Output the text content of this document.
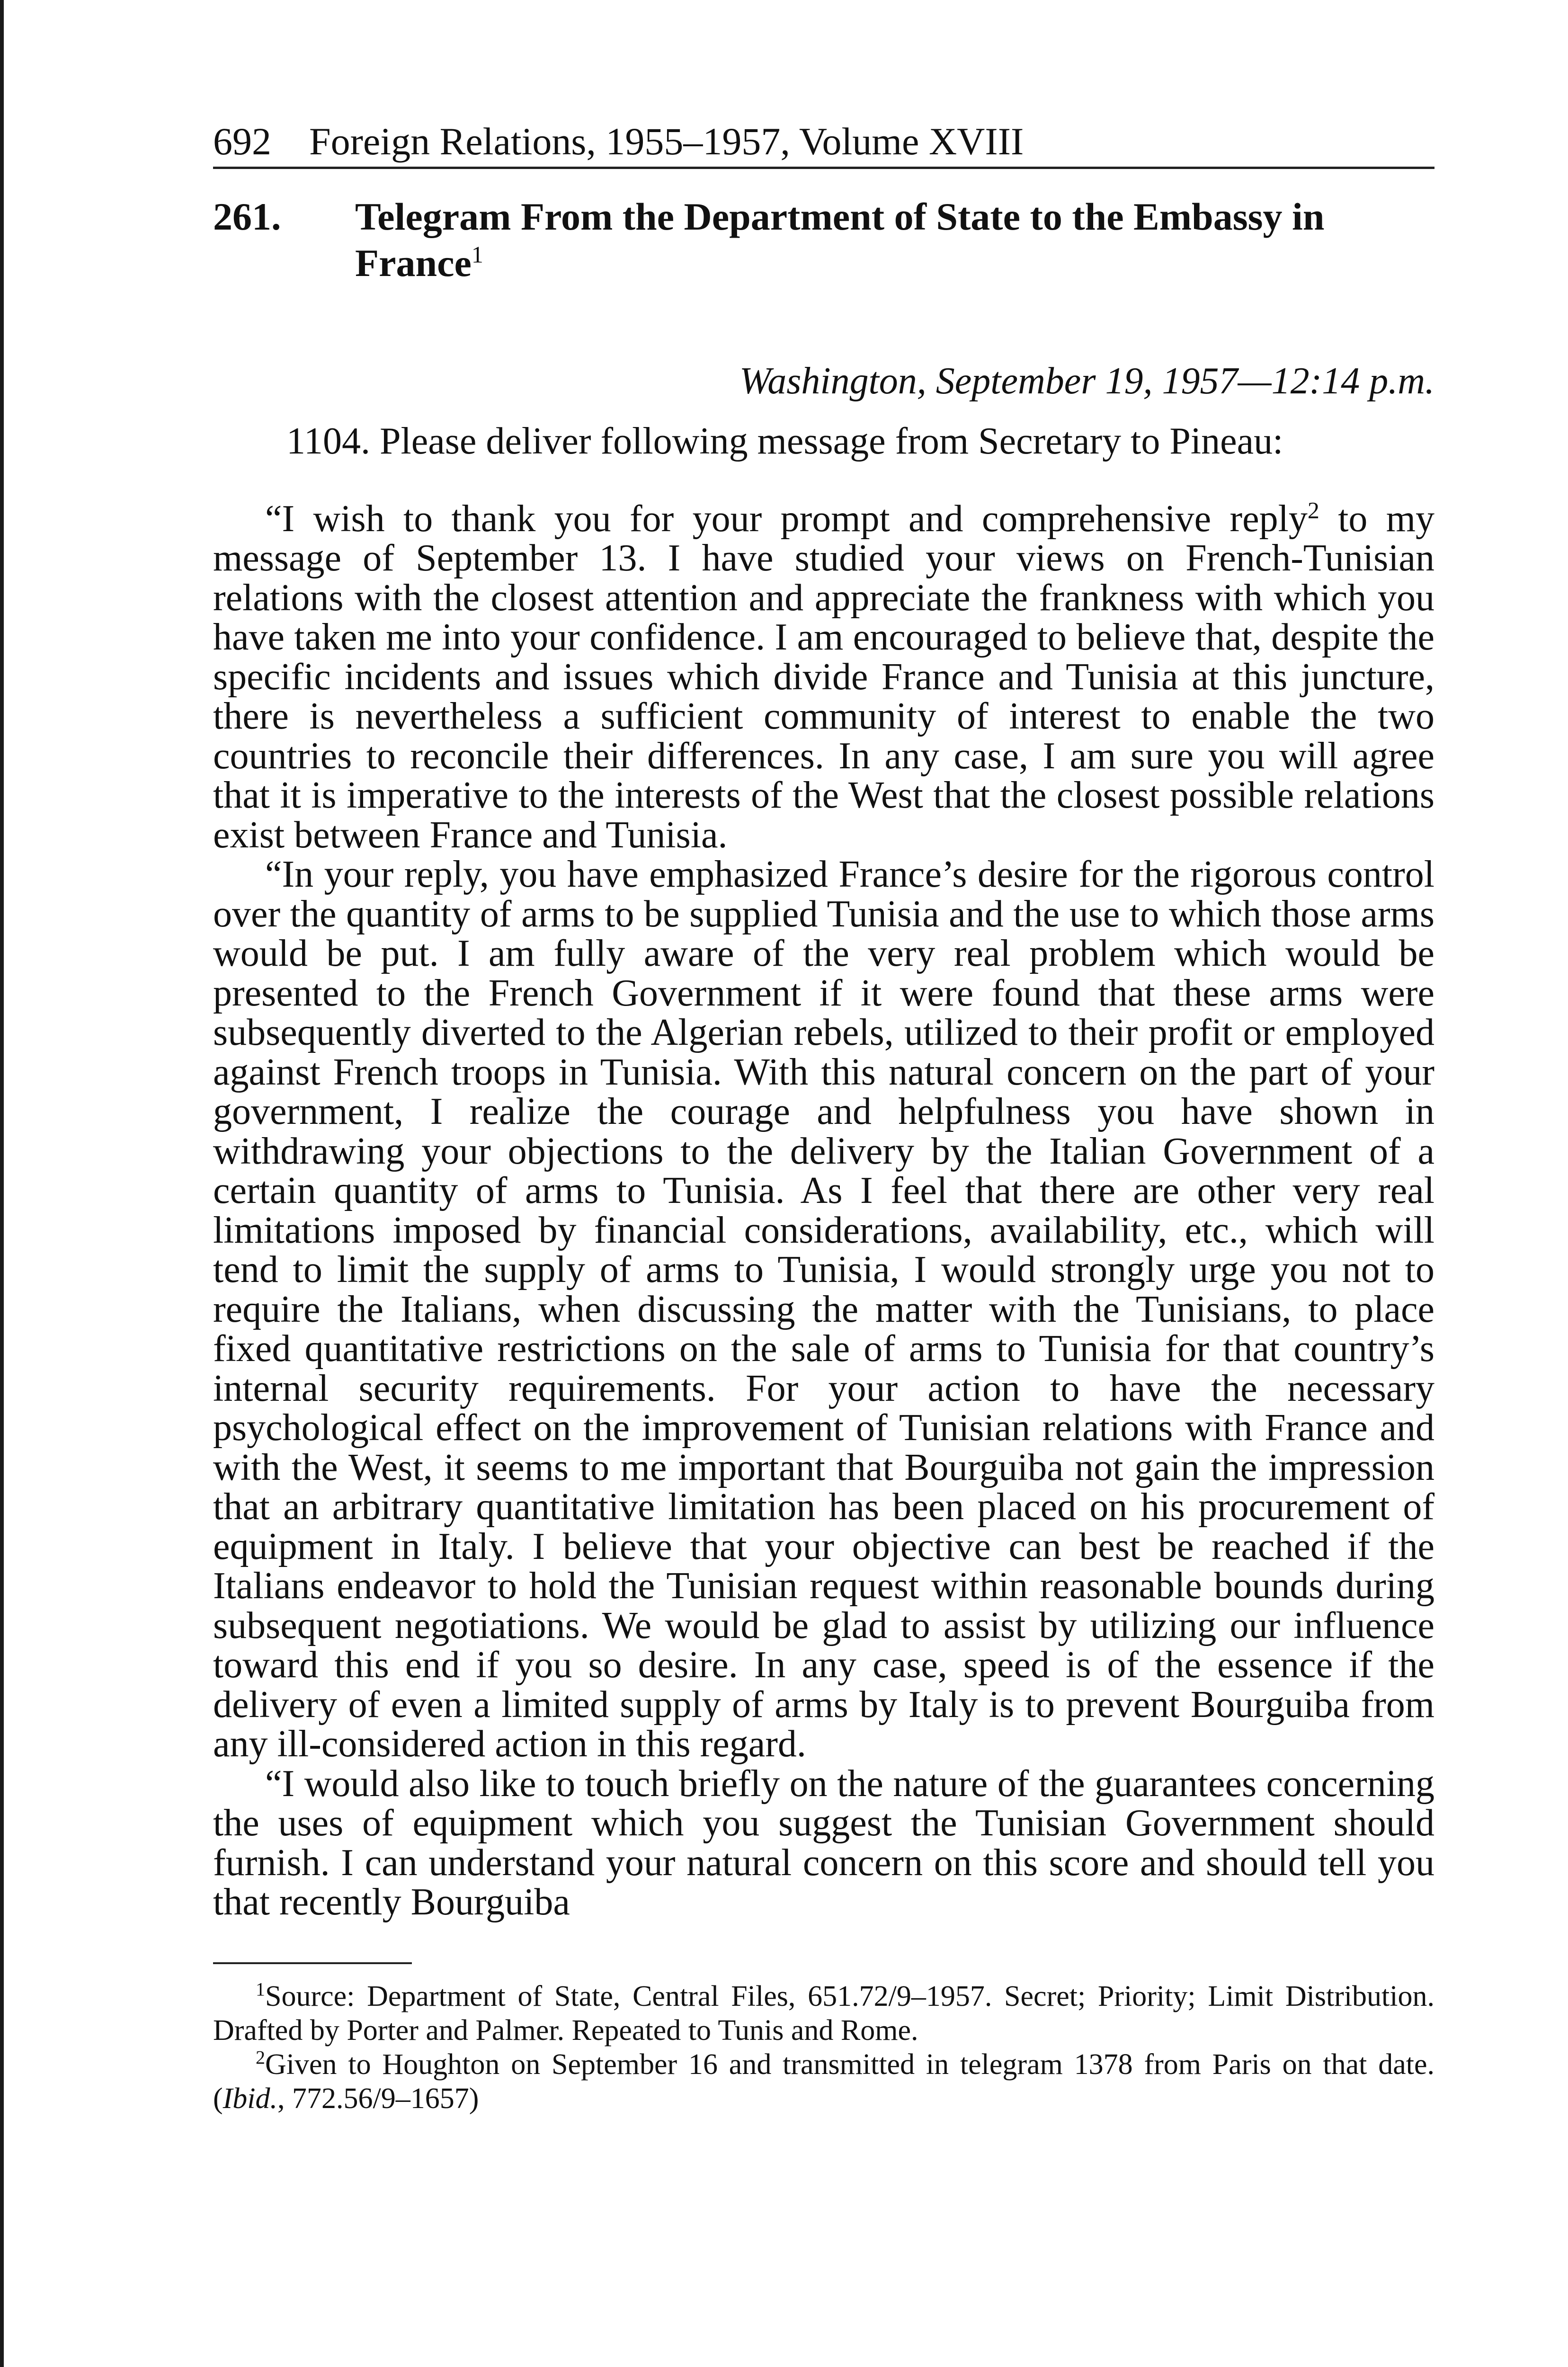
692 Foreign Relations, 1955–1957, Volume XVIII
261.	Telegram From the Department of State to the Embassy in France$^1$
Washington, September 19, 1957—12:14 p.m.

1104. Please deliver following message from Secretary to Pineau:

“I wish to thank you for your prompt and comprehensive reply$^2$ to my message of September 13. I have studied your views on French-Tunisian relations with the closest attention and appreciate the frankness with which you have taken me into your confidence. I am encouraged to believe that, despite the specific incidents and issues which divide France and Tunisia at this juncture, there is nevertheless a sufficient community of interest to enable the two countries to reconcile their differences. In any case, I am sure you will agree that it is imperative to the interests of the West that the closest possible relations exist between France and Tunisia.

“In your reply, you have emphasized France’s desire for the rigorous control over the quantity of arms to be supplied Tunisia and the use to which those arms would be put. I am fully aware of the very real problem which would be presented to the French Government if it were found that these arms were subsequently diverted to the Algerian rebels, utilized to their profit or employed against French troops in Tunisia. With this natural concern on the part of your government, I realize the courage and helpfulness you have shown in withdrawing your objections to the delivery by the Italian Government of a certain quantity of arms to Tunisia. As I feel that there are other very real limitations imposed by financial considerations, availability, etc., which will tend to limit the supply of arms to Tunisia, I would strongly urge you not to require the Italians, when discussing the matter with the Tunisians, to place fixed quantitative restrictions on the sale of arms to Tunisia for that country’s internal security requirements. For your action to have the necessary psychological effect on the improvement of Tunisian relations with France and with the West, it seems to me important that Bourguiba not gain the impression that an arbitrary quantitative limitation has been placed on his procurement of equipment in Italy. I believe that your objective can best be reached if the Italians endeavor to hold the Tunisian request within reasonable bounds during subsequent negotiations. We would be glad to assist by utilizing our influence toward this end if you so desire. In any case, speed is of the essence if the delivery of even a limited supply of arms by Italy is to prevent Bourguiba from any ill-considered action in this regard.

“I would also like to touch briefly on the nature of the guarantees concerning the uses of equipment which you suggest the Tunisian Government should furnish. I can understand your natural concern on this score and should tell you that recently Bourguiba

$^1$Source: Department of State, Central Files, 651.72/9–1957. Secret; Priority; Limit Distribution. Drafted by Porter and Palmer. Repeated to Tunis and Rome.

$^2$Given to Houghton on September 16 and transmitted in telegram 1378 from Paris on that date. (Ibid., 772.56/9–1657)
